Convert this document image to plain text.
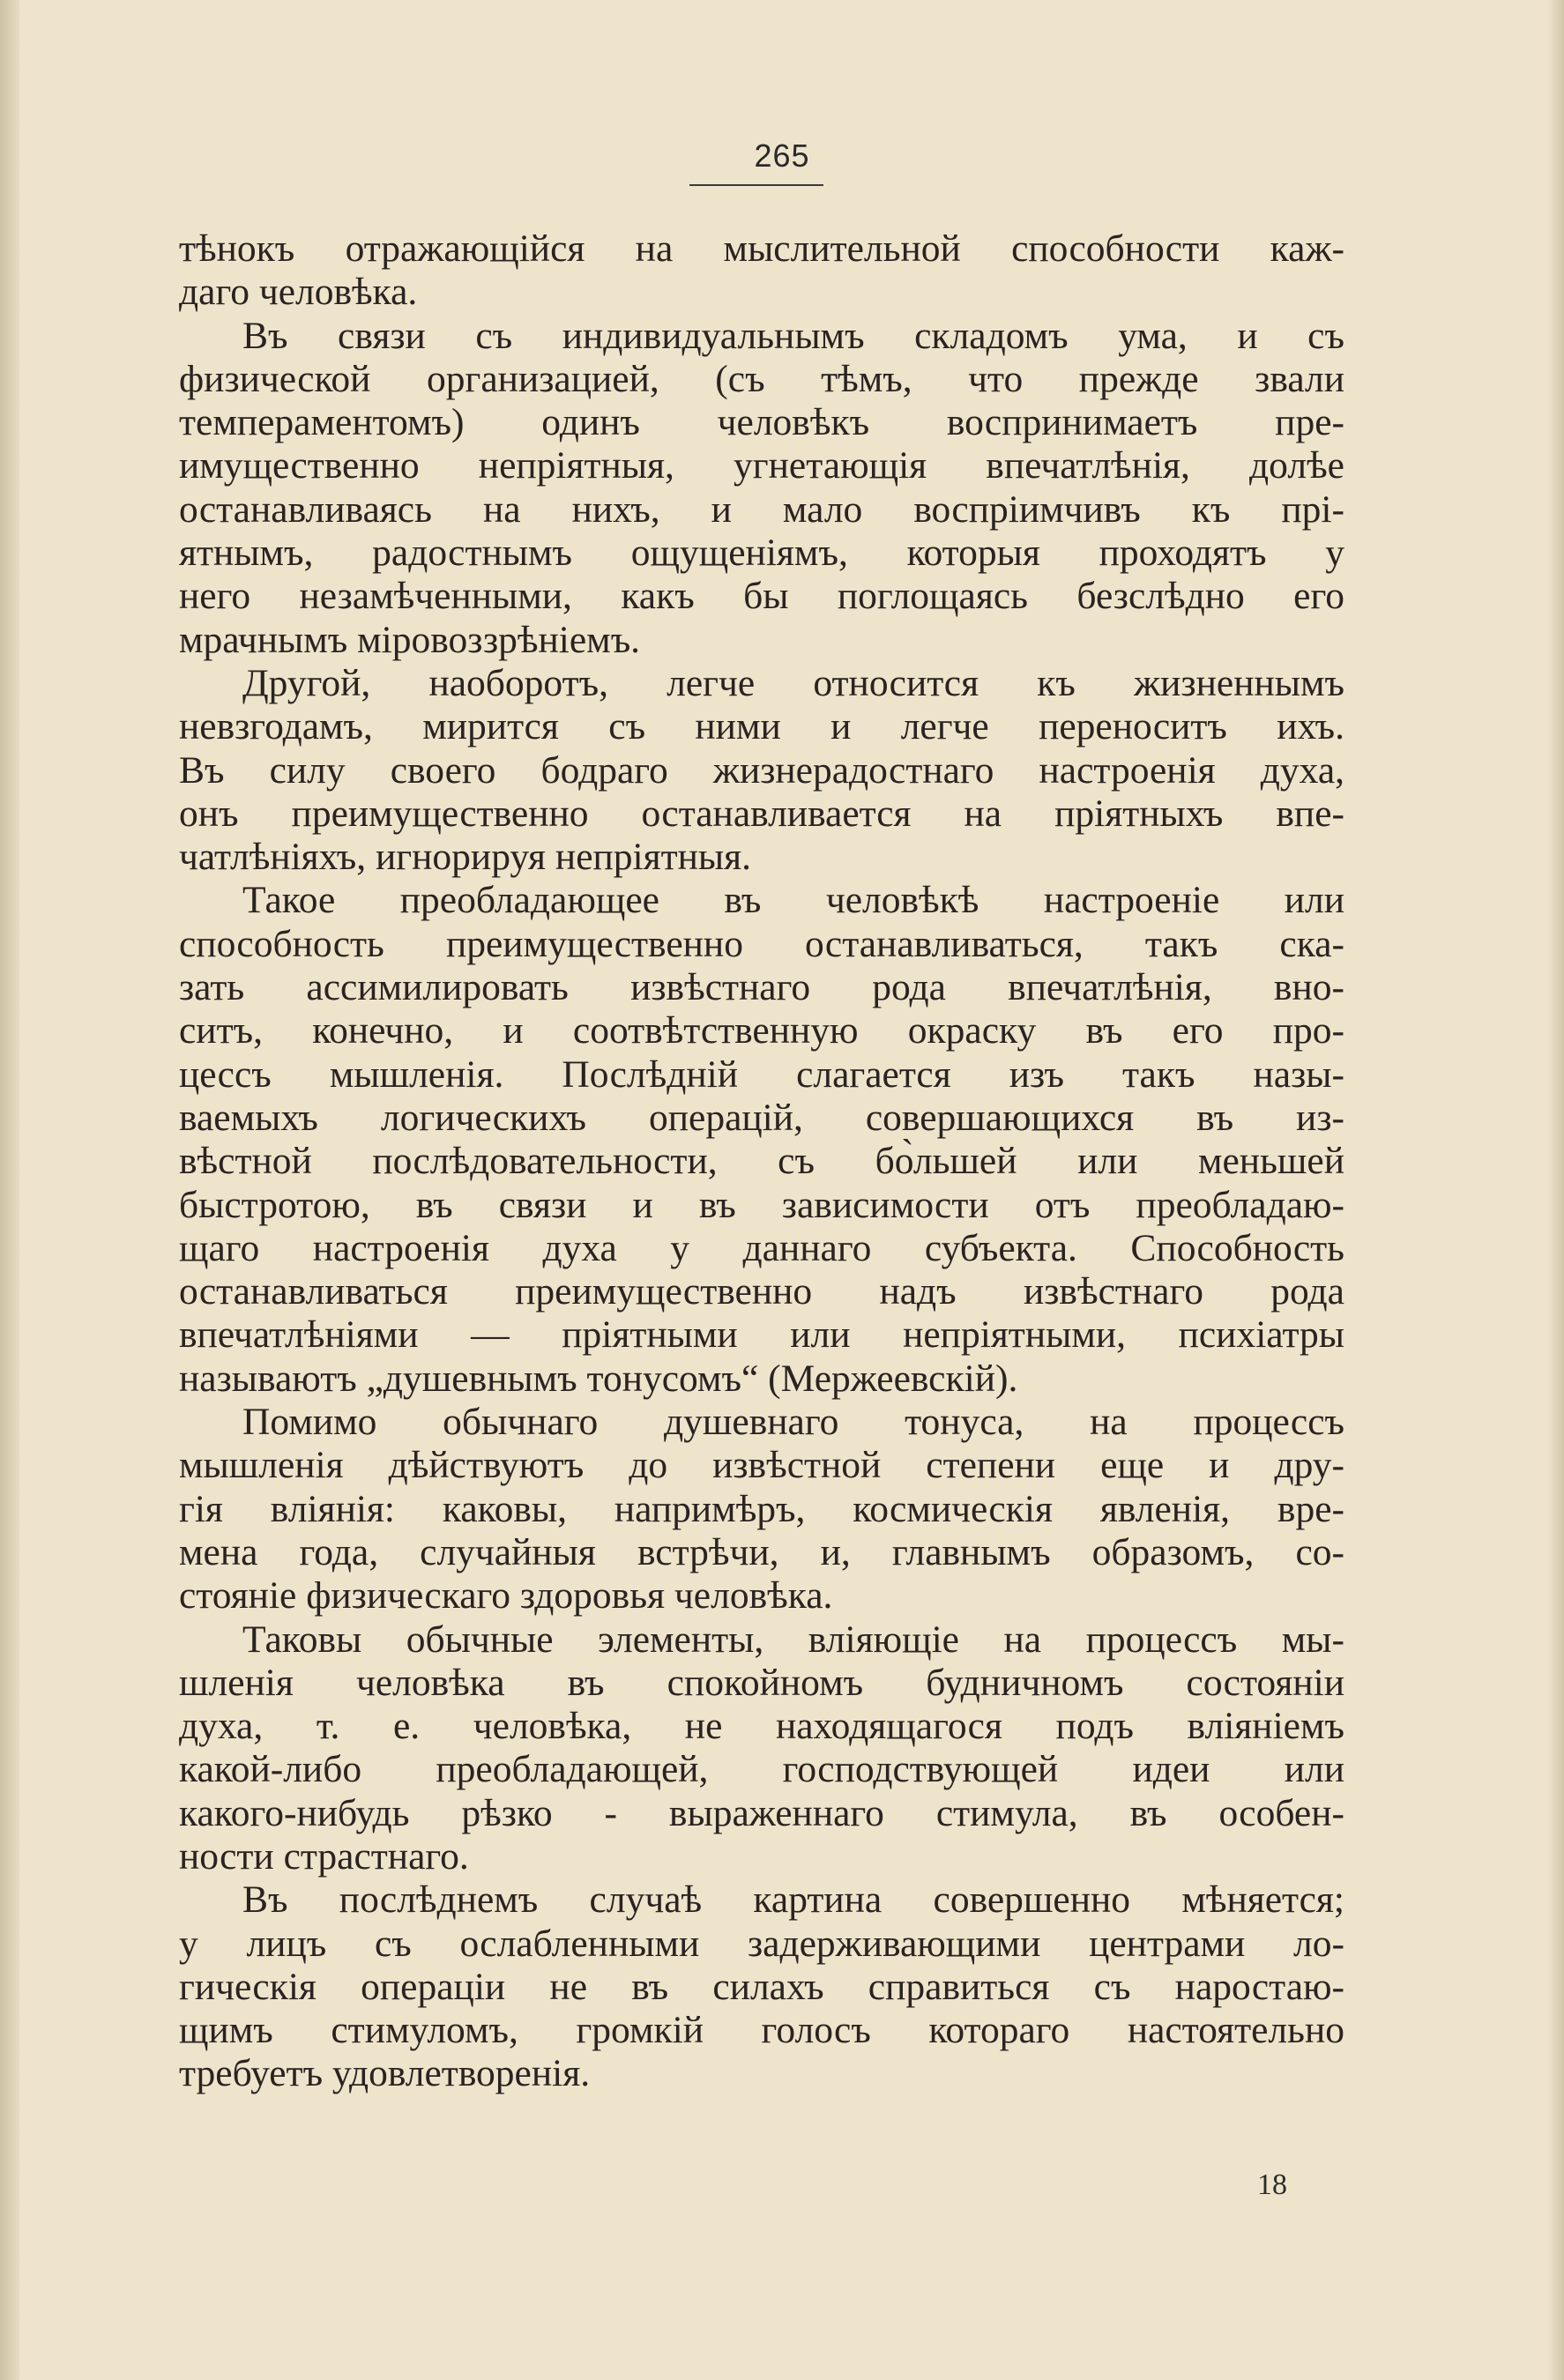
265
тѣнокъ отражающійся на мыслительной способности каж-
даго человѣка.
Въ связи съ индивидуальнымъ складомъ ума, и съ
физической организацией, (съ тѣмъ, что прежде звали
темпераментомъ) одинъ человѣкъ воспринимаетъ пре-
имущественно непріятныя, угнетающія впечатлѣнія, долѣе
останавливаясь на нихъ, и мало воспріимчивъ къ прі-
ятнымъ, радостнымъ ощущеніямъ, которыя проходятъ у
него незамѣченными, какъ бы поглощаясь безслѣдно его
мрачнымъ міровоззрѣніемъ.
Другой, наоборотъ, легче относится къ жизненнымъ
невзгодамъ, мирится съ ними и легче переноситъ ихъ.
Въ силу своего бодраго жизнерадостнаго настроенія духа,
онъ преимущественно останавливается на пріятныхъ впе-
чатлѣніяхъ, игнорируя непріятныя.
Такое преобладающее въ человѣкѣ настроеніе или
способность преимущественно останавливаться, такъ ска-
зать ассимилировать извѣстнаго рода впечатлѣнія, вно-
ситъ, конечно, и соотвѣтственную окраску въ его про-
цессъ мышленія. Послѣдній слагается изъ такъ назы-
ваемыхъ логическихъ операцій, совершающихся въ из-
вѣстной послѣдовательности, съ бо̀льшей или меньшей
быстротою, въ связи и въ зависимости отъ преобладаю-
щаго настроенія духа у даннаго субъекта. Способность
останавливаться преимущественно надъ извѣстнаго рода
впечатлѣніями — пріятными или непріятными, психіатры
называютъ „душевнымъ тонусомъ“ (Мержеевскій).
Помимо обычнаго душевнаго тонуса, на процессъ
мышленія дѣйствуютъ до извѣстной степени еще и дру-
гія вліянія: каковы, напримѣръ, космическія явленія, вре-
мена года, случайныя встрѣчи, и, главнымъ образомъ, со-
стояніе физическаго здоровья человѣка.
Таковы обычные элементы, вліяющіе на процессъ мы-
шленія человѣка въ спокойномъ будничномъ состояніи
духа, т. е. человѣка, не находящагося подъ вліяніемъ
какой-либо преобладающей, господствующей идеи или
какого-нибудь рѣзко - выраженнаго стимула, въ особен-
ности страстнаго.
Въ послѣднемъ случаѣ картина совершенно мѣняется;
у лицъ съ ослабленными задерживающими центрами ло-
гическія операціи не въ силахъ справиться съ наростаю-
щимъ стимуломъ, громкій голосъ котораго настоятельно
требуетъ удовлетворенія.
18
